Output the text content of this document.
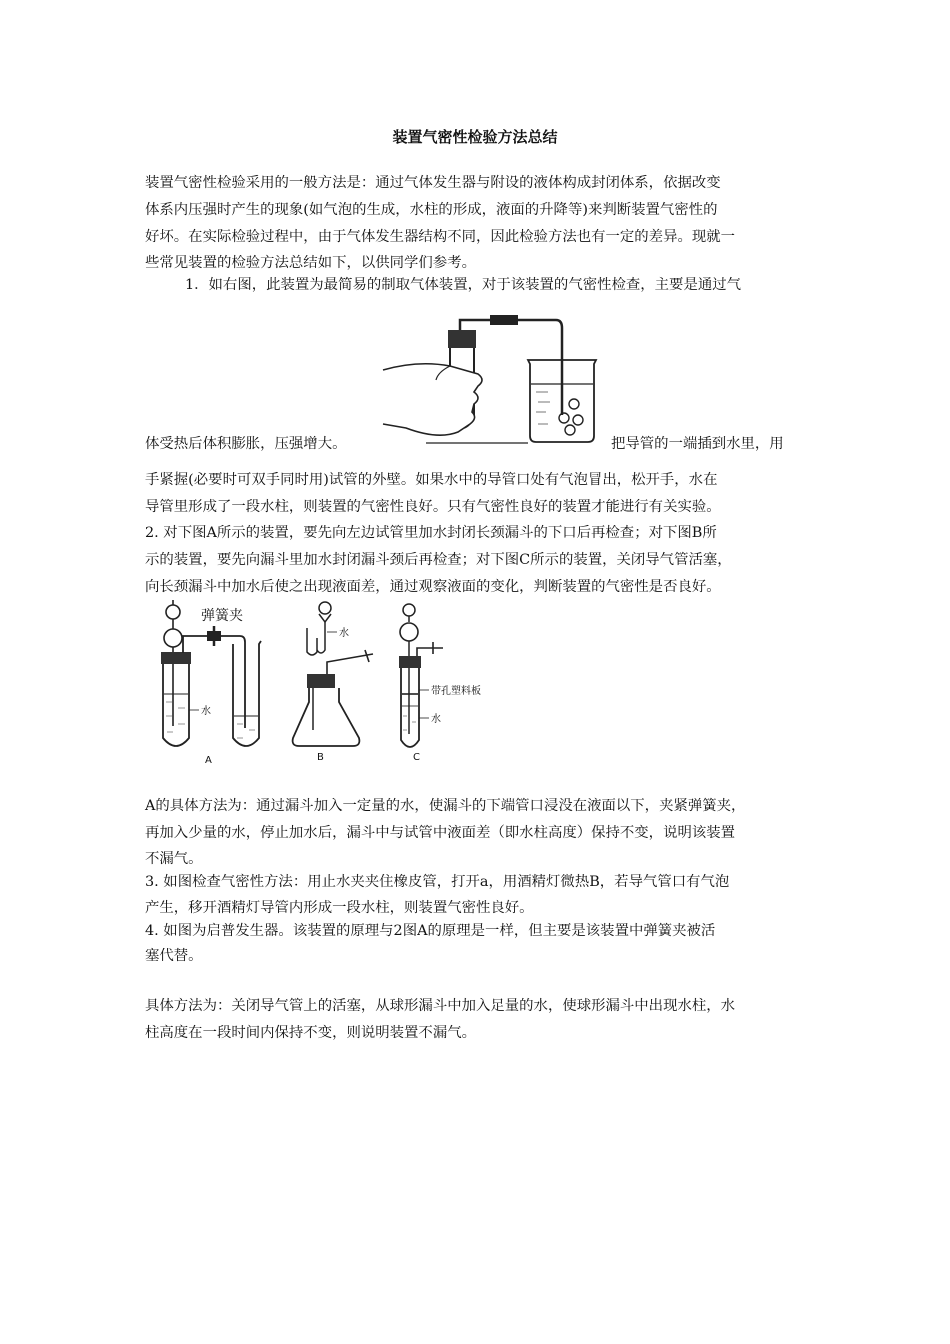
装置气密性检验方法总结
装置气密性检验采用的一般方法是：通过气体发生器与附设的液体构成封闭体系，依据改变
体系内压强时产生的现象(如气泡的生成，水柱的形成，液面的升降等)来判断装置气密性的
好坏。在实际检验过程中，由于气体发生器结构不同，因此检验方法也有一定的差异。现就一
些常见装置的检验方法总结如下，以供同学们参考。
1．如右图，此装置为最简易的制取气体装置，对于该装置的气密性检查，主要是通过气
体受热后体积膨胀，压强增大。	把导管的一端插到水里，用
手紧握(必要时可双手同时用)试管的外壁。如果水中的导管口处有气泡冒出，松开手，水在
导管里形成了一段水柱，则装置的气密性良好。只有气密性良好的装置才能进行有关实验。
2. 对下图A所示的装置，要先向左边试管里加水封闭长颈漏斗的下口后再检查；对下图B所
示的装置，要先向漏斗里加水封闭漏斗颈后再检查；对下图C所示的装置，关闭导气管活塞，
向长颈漏斗中加水后使之出现液面差，通过观察液面的变化，判断装置的气密性是否良好。
弹簧夹
水
A
水
B
带孔塑料板
水
C
A的具体方法为：通过漏斗加入一定量的水，使漏斗的下端管口浸没在液面以下，夹紧弹簧夹，
再加入少量的水，停止加水后，漏斗中与试管中液面差（即水柱高度）保持不变，说明该装置
不漏气。
3. 如图检查气密性方法：用止水夹夹住橡皮管，打开a，用酒精灯微热B，若导气管口有气泡
产生，移开酒精灯导管内形成一段水柱，则装置气密性良好。
4. 如图为启普发生器。该装置的原理与2图A的原理是一样，但主要是该装置中弹簧夹被活
塞代替。
具体方法为：关闭导气管上的活塞，从球形漏斗中加入足量的水，使球形漏斗中出现水柱，水
柱高度在一段时间内保持不变，则说明装置不漏气。
